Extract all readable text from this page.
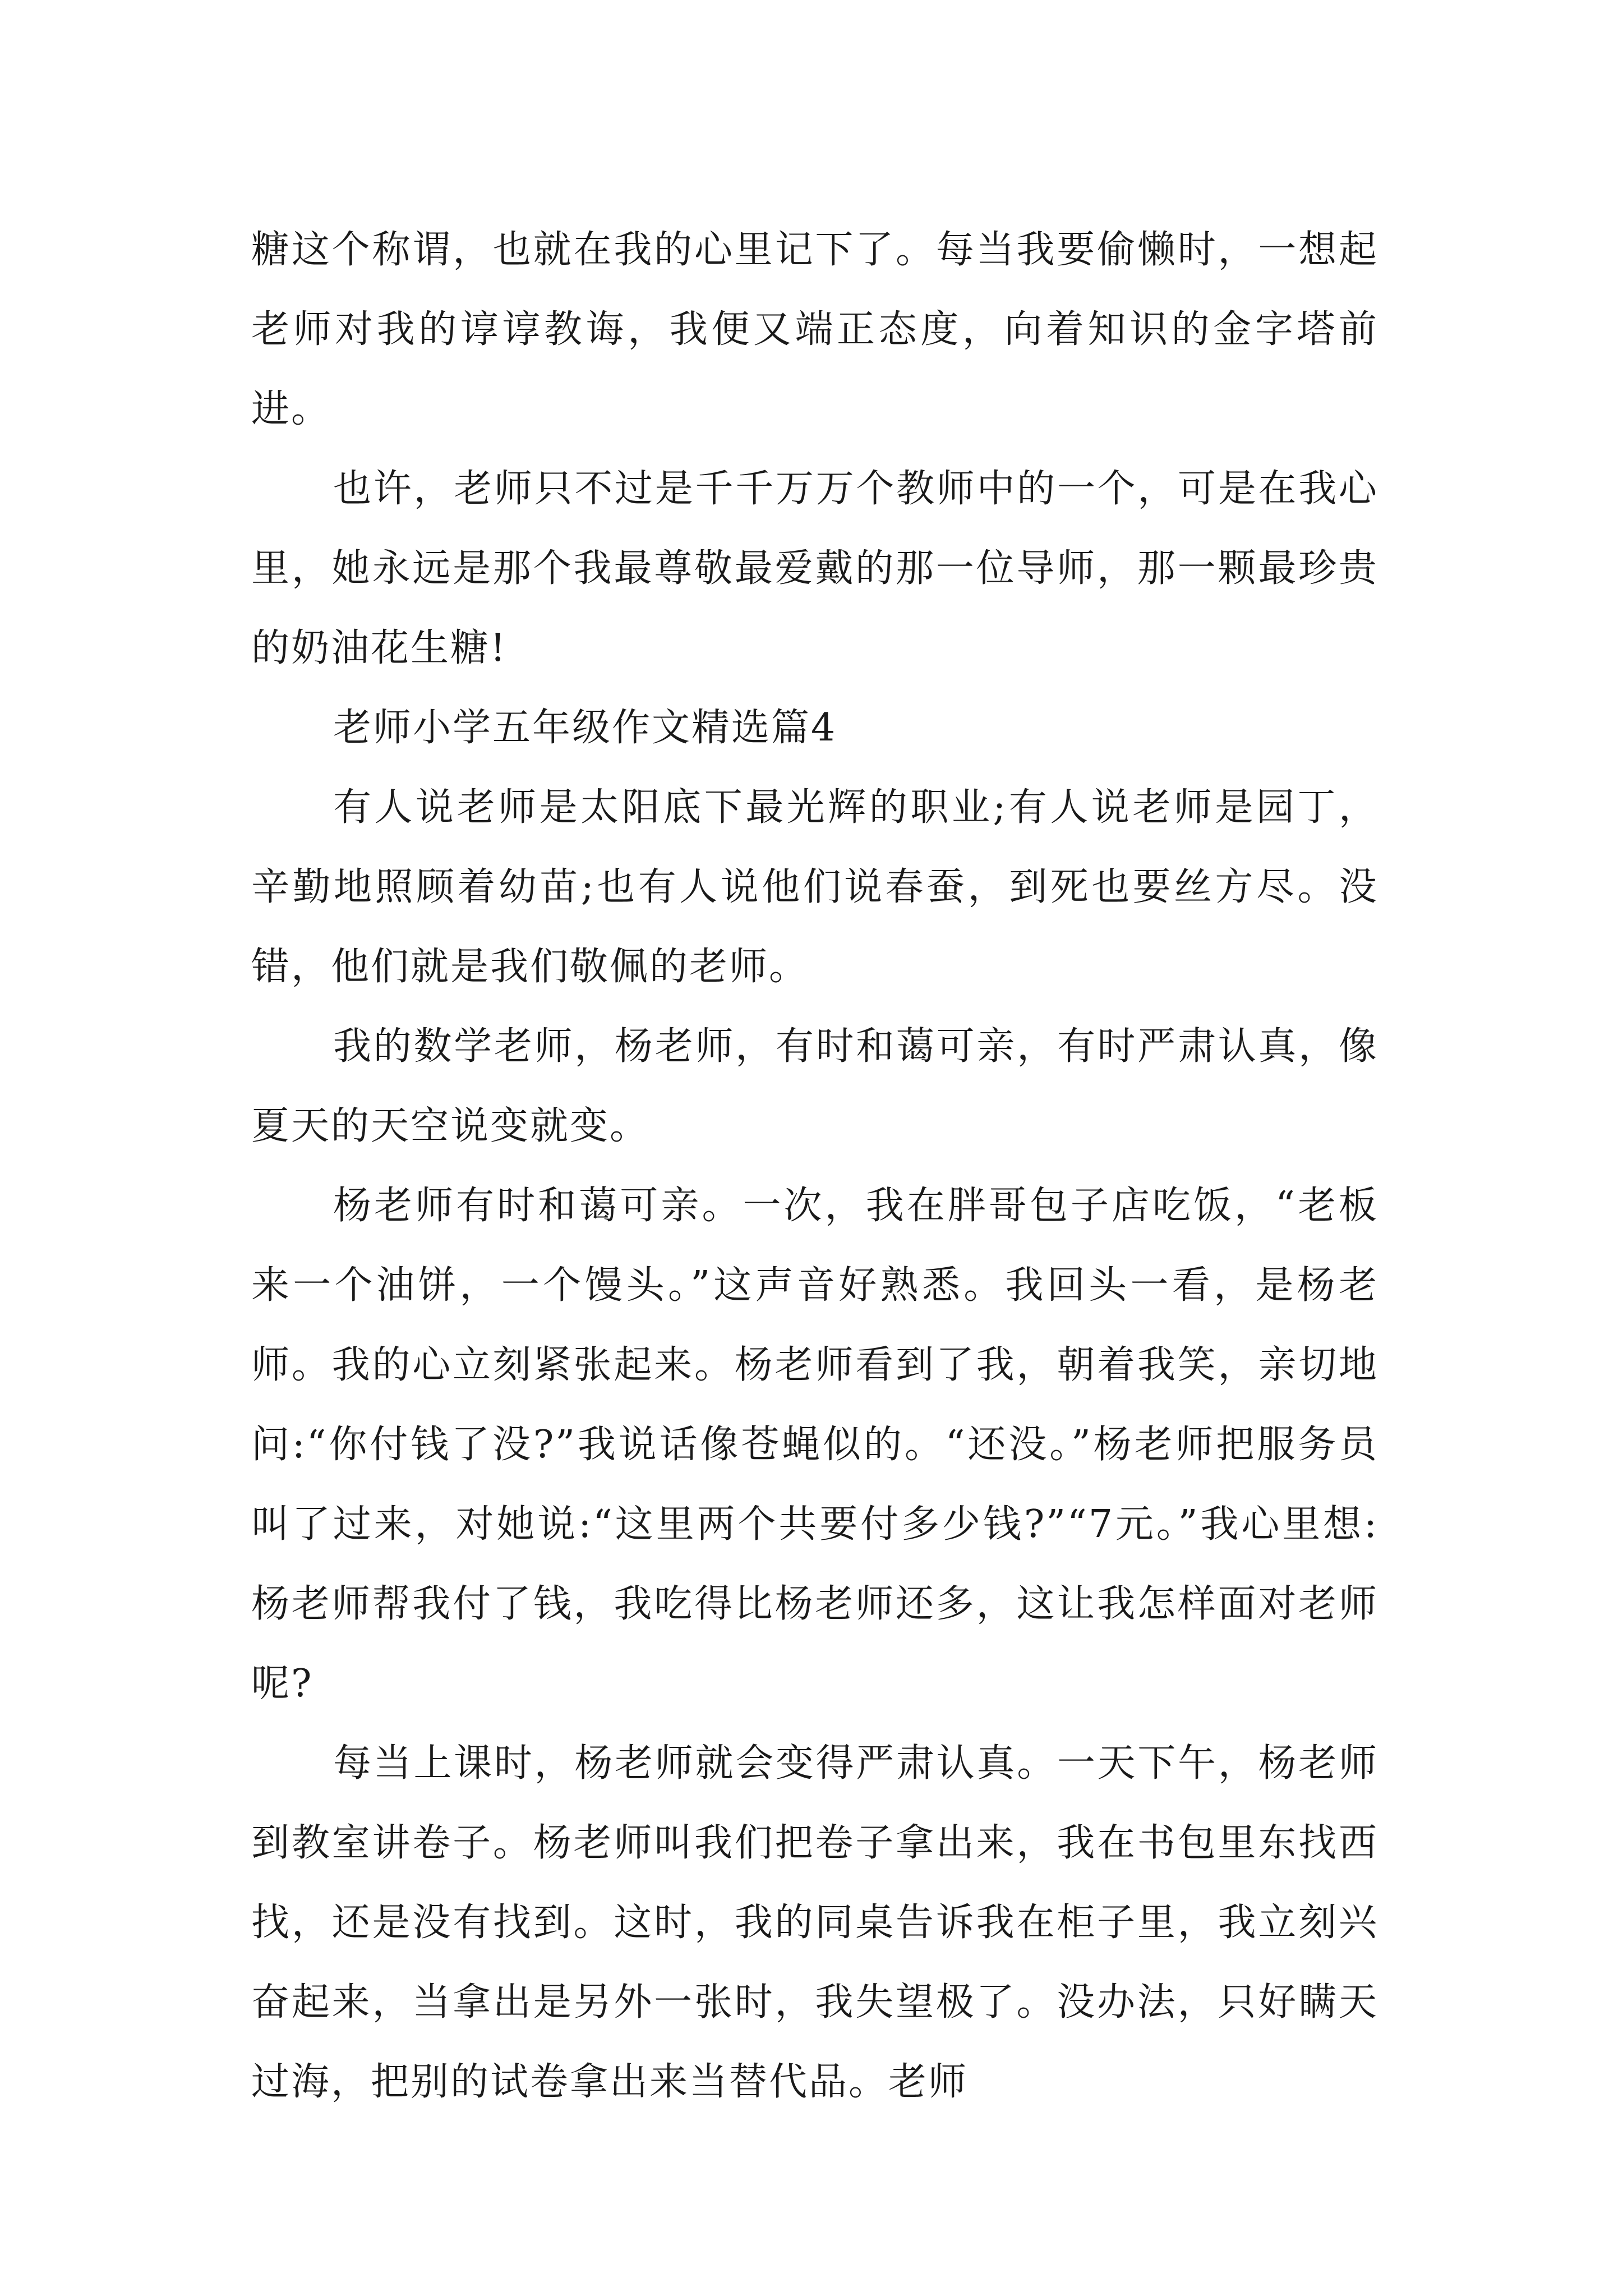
糖这个称谓，也就在我的心里记下了。每当我要偷懒时，一想起老师对我的谆谆教诲，我便又端正态度，向着知识的金字塔前进。

也许，老师只不过是千千万万个教师中的一个，可是在我心里，她永远是那个我最尊敬最爱戴的那一位导师，那一颗最珍贵的奶油花生糖!

老师小学五年级作文精选篇4

有人说老师是太阳底下最光辉的职业;有人说老师是园丁，辛勤地照顾着幼苗;也有人说他们说春蚕，到死也要丝方尽。没错，他们就是我们敬佩的老师。

我的数学老师，杨老师，有时和蔼可亲，有时严肃认真，像夏天的天空说变就变。

杨老师有时和蔼可亲。一次，我在胖哥包子店吃饭，“老板来一个油饼，一个馒头。”这声音好熟悉。我回头一看，是杨老师。我的心立刻紧张起来。杨老师看到了我，朝着我笑，亲切地问:“你付钱了没?”我说话像苍蝇似的。“还没。”杨老师把服务员叫了过来，对她说:“这里两个共要付多少钱?”“7元。”我心里想:杨老师帮我付了钱，我吃得比杨老师还多，这让我怎样面对老师呢?

每当上课时，杨老师就会变得严肃认真。一天下午，杨老师到教室讲卷子。杨老师叫我们把卷子拿出来，我在书包里东找西找，还是没有找到。这时，我的同桌告诉我在柜子里，我立刻兴奋起来，当拿出是另外一张时，我失望极了。没办法，只好瞒天过海，把别的试卷拿出来当替代品。老师
